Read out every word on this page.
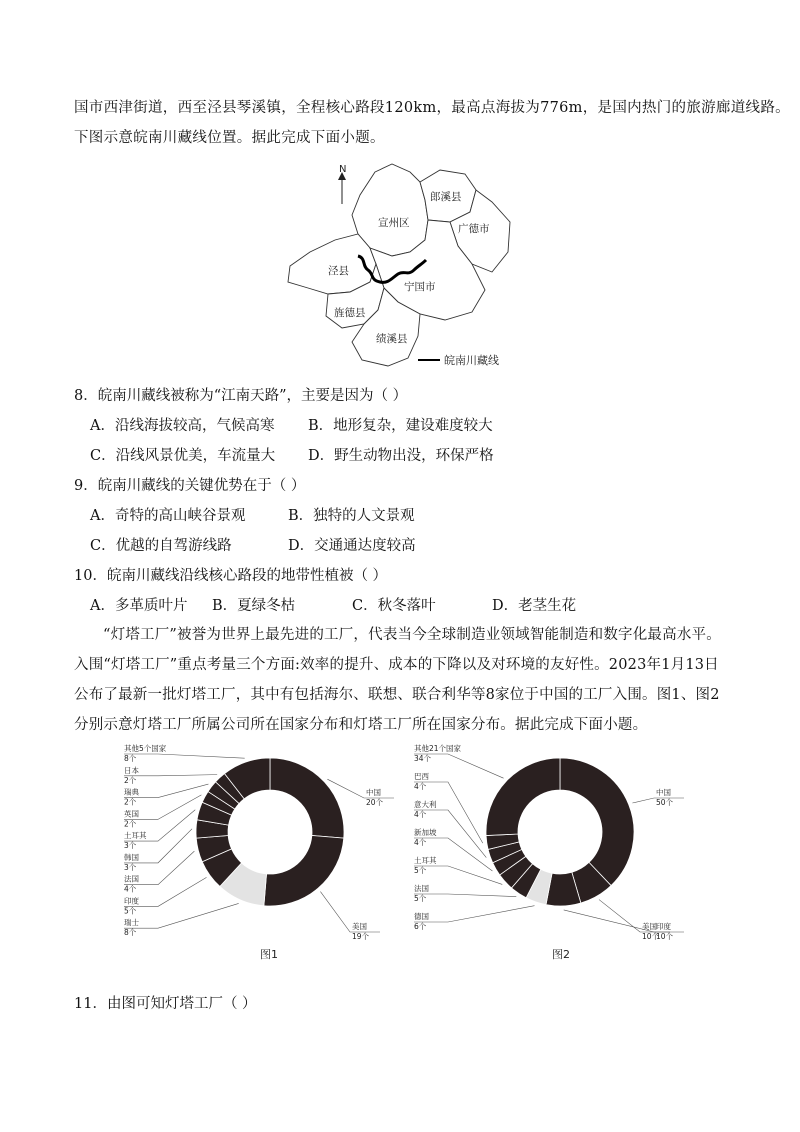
国市西津街道，西至泾县琴溪镇，全程核心路段120km，最高点海拔为776m，是国内热门的旅游廊道线路。
下图示意皖南川藏线位置。据此完成下面小题。
N
郎溪县
宣州区	广德市
泾县
宁国市
旌德县
绩溪县
皖南川藏线
8．皖南川藏线被称为“江南天路”，主要是因为（ ）
A．沿线海拔较高，气候高寒 B．地形复杂，建设难度较大
C．沿线风景优美，车流量大 D．野生动物出没，环保严格
9．皖南川藏线的关键优势在于（ ）
A．奇特的高山峡谷景观	B．独特的人文景观
C．优越的自驾游线路	D．交通通达度较高
10．皖南川藏线沿线核心路段的地带性植被（ ）
A．多革质叶片 B．夏绿冬枯	C．秋冬落叶	D．老茎生花
“灯塔工厂”被誉为世界上最先进的工厂，代表当今全球制造业领域智能制造和数字化最高水平。入围“灯塔工厂”重点考量三个方面:效率的提升、成本的下降以及对环境的友好性。2023年1月13日公布了最新一批灯塔工厂，其中有包括海尔、联想、联合利华等8家位于中国的工厂入围。图1、图2分别示意灯塔工厂所属公司所在国家分布和灯塔工厂所在国家分布。据此完成下面小题。
中国
20个
美国
19个
瑞士
8个
印度
5个
法国
4个
韩国
3个
土耳其
3个
英国
2个
瑞典
2个
日本
2个
其他5个国家
8个
图1
中国
50个
美国
10个
印度
10个
德国
6个
法国
5个
土耳其
5个
新加坡
4个
意大利
4个
巴西
4个
其他21个国家
34个
图2
11．由图可知灯塔工厂（ ）
